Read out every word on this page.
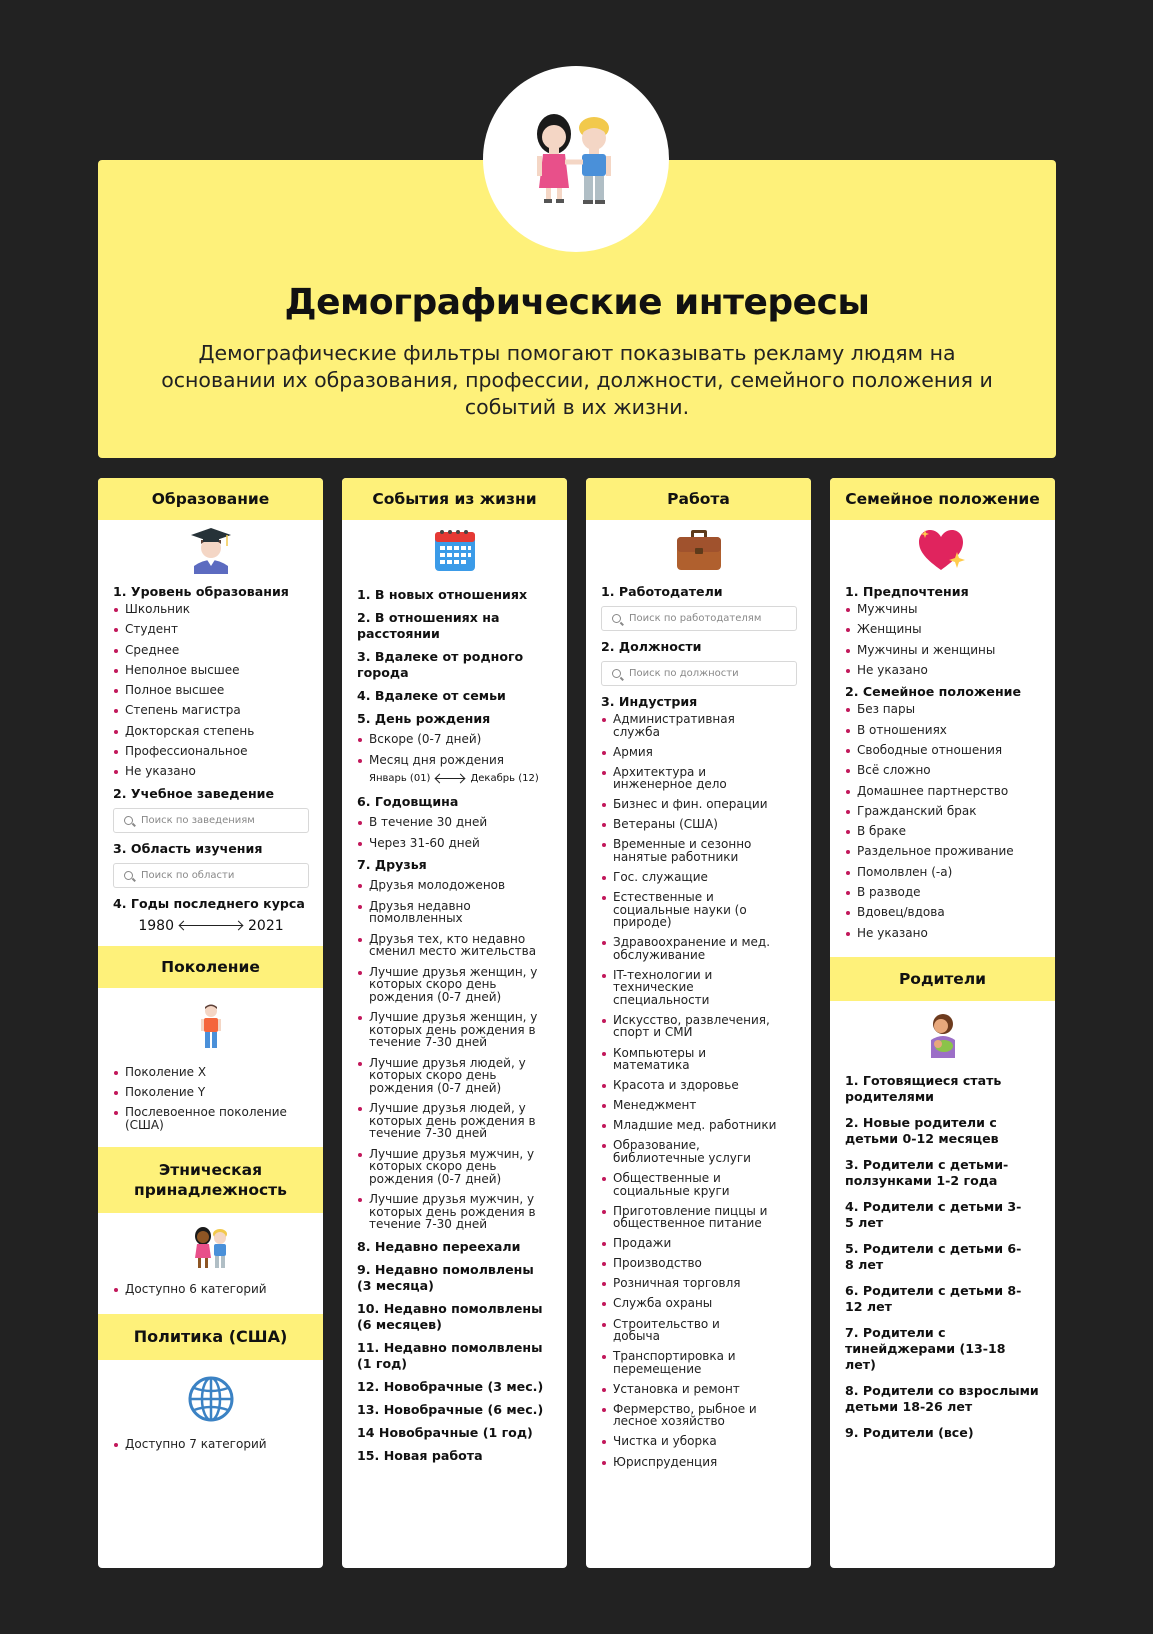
Демографические интересы
Демографические фильтры помогают показывать рекламу людям на основании их образования, профессии, должности, семейного положения и событий в их жизни.
Образование
1. Уровень образования
Школьник
Студент
Среднее
Неполное высшее
Полное высшее
Степень магистра
Докторская степень
Профессиональное
Не указано
2. Учебное заведение
Поиск по заведениям
3. Область изучения
Поиск по области
4. Годы последнего курса
1980	2021
Поколение
Поколение X
Поколение Y
Послевоенное поколение (США)
Этническая принадлежность
Доступно 6 категорий
Политика (США)
Доступно 7 категорий
События из жизни
1. В новых отношениях
2. В отношениях на расстоянии
3. Вдалеке от родного города
4. Вдалеке от семьи
5. День рождения
Вскоре (0-7 дней)
Месяц дня рождения
Январь (01)	Декабрь (12)
6. Годовщина
В течение 30 дней
Через 31-60 дней
7. Друзья
Друзья молодоженов
Друзья недавно помолвленных
Друзья тех, кто недавно сменил место жительства
Лучшие друзья женщин, у которых скоро день рождения (0-7 дней)
Лучшие друзья женщин, у которых день рождения в течение 7-30 дней
Лучшие друзья людей, у которых скоро день рождения (0-7 дней)
Лучшие друзья людей, у которых день рождения в течение 7-30 дней
Лучшие друзья мужчин, у которых скоро день рождения (0-7 дней)
Лучшие друзья мужчин, у которых день рождения в течение 7-30 дней
8. Недавно переехали
9. Недавно помолвлены (3 месяца)
10. Недавно помолвлены (6 месяцев)
11. Недавно помолвлены (1 год)
12. Новобрачные (3 мес.)
13. Новобрачные (6 мес.)
14 Новобрачные (1 год)
15. Новая работа
Работа
1. Работодатели
Поиск по работодателям
2. Должности
Поиск по должности
3. Индустрия
Административная служба
Армия
Архитектура и инженерное дело
Бизнес и фин. операции
Ветераны (США)
Временные и сезонно нанятые работники
Гос. служащие
Естественные и социальные науки (о природе)
Здравоохранение и мед. обслуживание
IT-технологии и технические специальности
Искусство, развлечения, спорт и СМИ
Компьютеры и математика
Красота и здоровье
Менеджмент
Младшие мед. работники
Образование, библиотечные услуги
Общественные и социальные круги
Приготовление пиццы и общественное питание
Продажи
Производство
Розничная торговля
Служба охраны
Строительство и добыча
Транспортировка и перемещение
Установка и ремонт
Фермерство, рыбное и лесное хозяйство
Чистка и уборка
Юриспруденция
Семейное положение
1. Предпочтения
Мужчины
Женщины
Мужчины и женщины
Не указано
2. Семейное положение
Без пары
В отношениях
Свободные отношения
Всё сложно
Домашнее партнерство
Гражданский брак
В браке
Раздельное проживание
Помолвлен (-а)
В разводе
Вдовец/вдова
Не указано
Родители
1. Готовящиеся стать родителями
2. Новые родители с детьми 0-12 месяцев
3. Родители с детьми-ползунками 1-2 года
4. Родители с детьми 3-5 лет
5. Родители с детьми 6-8 лет
6. Родители с детьми 8-12 лет
7. Родители с тинейджерами (13-18 лет)
8. Родители со взрослыми детьми 18-26 лет
9. Родители (все)
